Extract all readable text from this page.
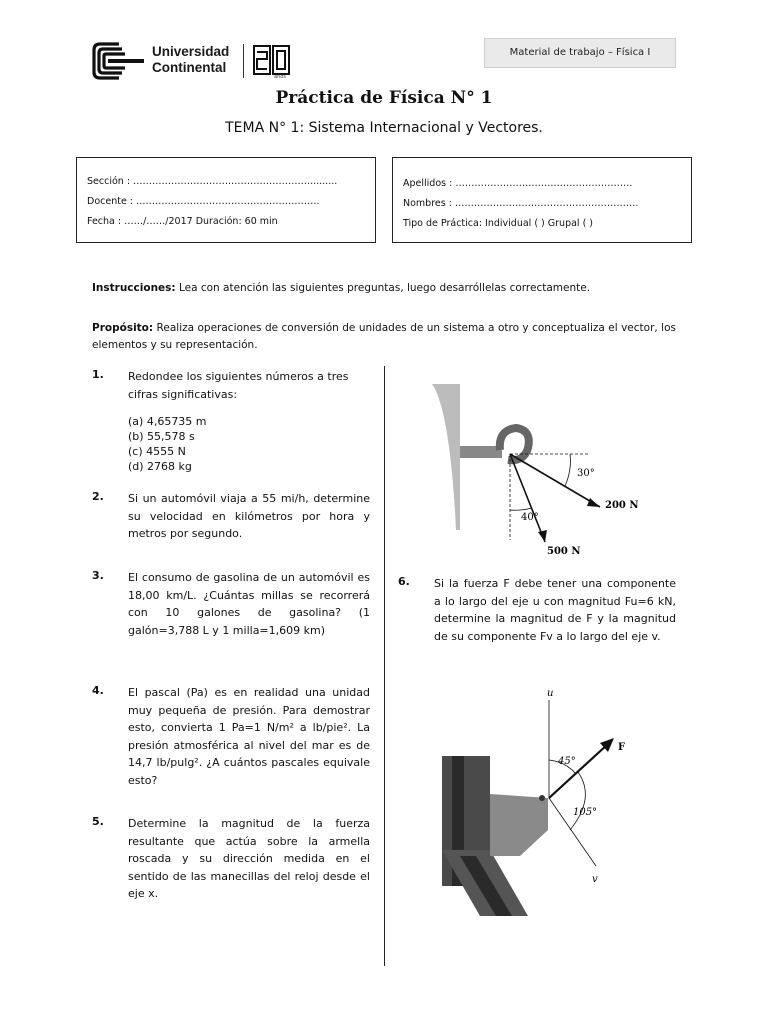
Universidad
Continental
años
Material de trabajo – Física I
Práctica de Física N° 1
TEMA N° 1: Sistema Internacional y Vectores.
Sección : ………………………….……………………..........
Docente : ………………………………………………….
Fecha : ……/……/2017 Duración: 60 min
Apellidos : ………………………….…………………….
Nombres : ………………………………………………….
Tipo de Práctica: Individual ( ) Grupal ( )
Instrucciones: Lea con atención las siguientes preguntas, luego desarróllelas correctamente.
Propósito: Realiza operaciones de conversión de unidades de un sistema a otro y conceptualiza el vector, los elementos y su representación.
1. Redondee los siguientes números a tres cifras significativas:
(a) 4,65735 m
(b) 55,578 s
(c) 4555 N
(d) 2768 kg
2. Si un automóvil viaja a 55 mi/h, determine su velocidad en kilómetros por hora y metros por segundo.
3. El consumo de gasolina de un automóvil es 18,00 km/L. ¿Cuántas millas se recorrerá con 10 galones de gasolina? (1 galón=3,788 L y 1 milla=1,609 km)
4. El pascal (Pa) es en realidad una unidad muy pequeña de presión. Para demostrar esto, convierta 1 Pa=1 N/m² a lb/pie². La presión atmosférica al nivel del mar es de 14,7 lb/pulg². ¿A cuántos pascales equivale esto?
5. Determine la magnitud de la fuerza resultante que actúa sobre la armella roscada y su dirección medida en el sentido de las manecillas del reloj desde el eje x.
30°
200 N
40°
500 N
6. Si la fuerza F debe tener una componente a lo largo del eje u con magnitud Fu=6 kN, determine la magnitud de F y la magnitud de su componente Fv a lo largo del eje v.
u
v
F
45°
105°
